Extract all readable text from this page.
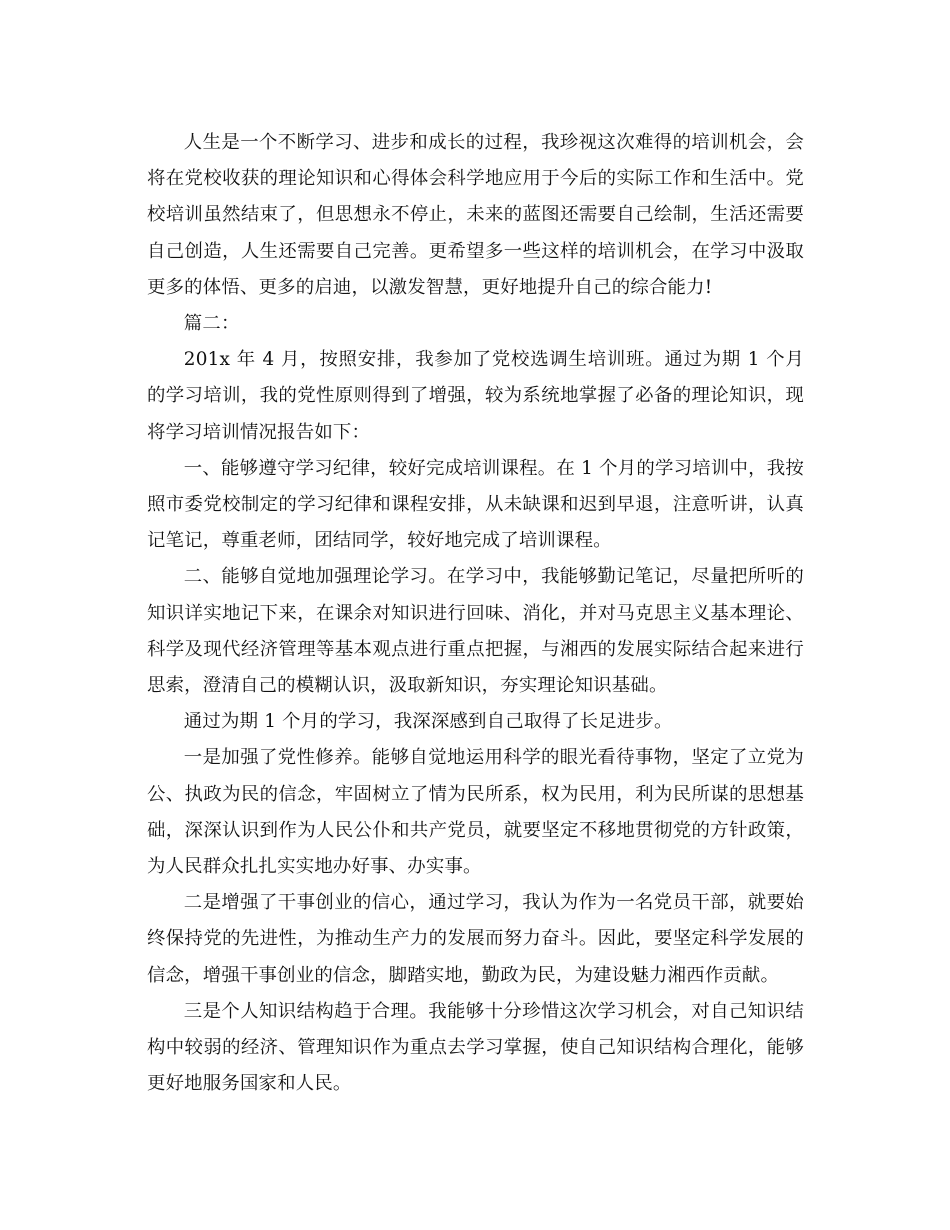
人生是一个不断学习、进步和成长的过程，我珍视这次难得的培训机会，会将在党校收获的理论知识和心得体会科学地应用于今后的实际工作和生活中。党校培训虽然结束了，但思想永不停止，未来的蓝图还需要自己绘制，生活还需要自己创造，人生还需要自己完善。更希望多一些这样的培训机会，在学习中汲取更多的体悟、更多的启迪，以激发智慧，更好地提升自己的综合能力!

篇二：

201x 年 4 月，按照安排，我参加了党校选调生培训班。通过为期 1 个月的学习培训，我的党性原则得到了增强，较为系统地掌握了必备的理论知识，现将学习培训情况报告如下：

一、能够遵守学习纪律，较好完成培训课程。在 1 个月的学习培训中，我按照市委党校制定的学习纪律和课程安排，从未缺课和迟到早退，注意听讲，认真记笔记，尊重老师，团结同学，较好地完成了培训课程。

二、能够自觉地加强理论学习。在学习中，我能够勤记笔记，尽量把所听的知识详实地记下来，在课余对知识进行回味、消化，并对马克思主义基本理论、科学及现代经济管理等基本观点进行重点把握，与湘西的发展实际结合起来进行思索，澄清自己的模糊认识，汲取新知识，夯实理论知识基础。

通过为期 1 个月的学习，我深深感到自己取得了长足进步。

一是加强了党性修养。能够自觉地运用科学的眼光看待事物，坚定了立党为公、执政为民的信念，牢固树立了情为民所系，权为民用，利为民所谋的思想基础，深深认识到作为人民公仆和共产党员，就要坚定不移地贯彻党的方针政策，为人民群众扎扎实实地办好事、办实事。

二是增强了干事创业的信心，通过学习，我认为作为一名党员干部，就要始终保持党的先进性，为推动生产力的发展而努力奋斗。因此，要坚定科学发展的信念，增强干事创业的信念，脚踏实地，勤政为民，为建设魅力湘西作贡献。

三是个人知识结构趋于合理。我能够十分珍惜这次学习机会，对自己知识结构中较弱的经济、管理知识作为重点去学习掌握，使自己知识结构合理化，能够更好地服务国家和人民。
